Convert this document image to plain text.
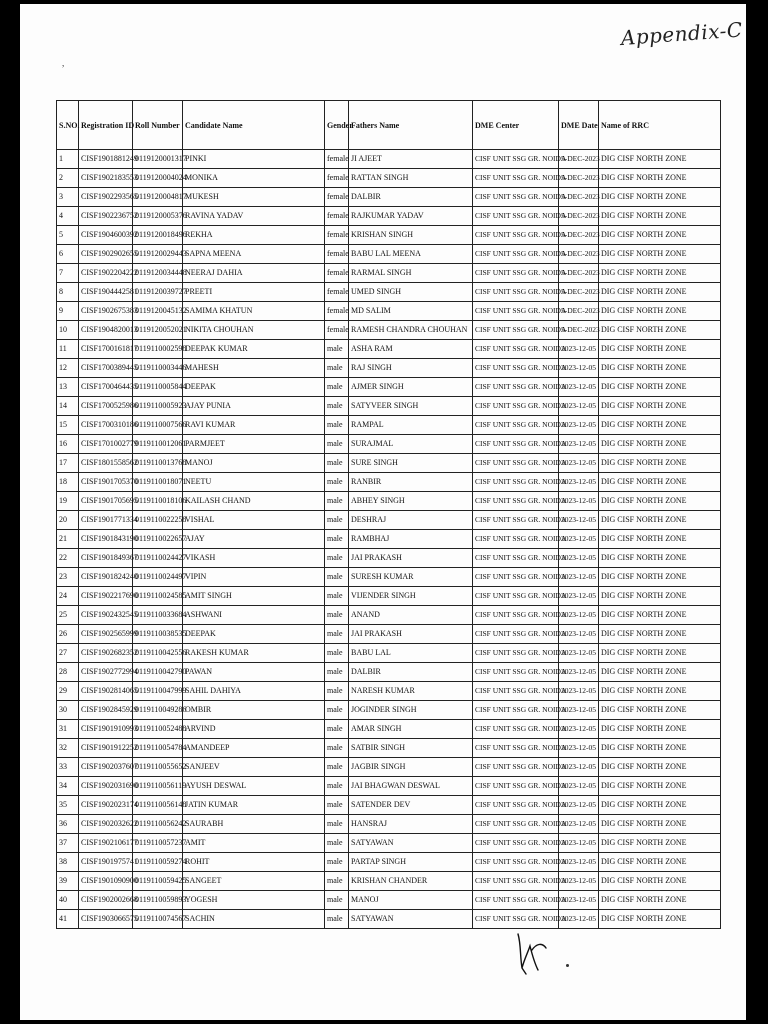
Appendix-C
,
S.NO.	Registration ID	Roll Number	Candidate Name	Gender	Fathers Name	DME Center	DME Date	Name of RRC
1	CISF1901881249	0119120001317	PINKI	female	JI AJEET	CISF UNIT SSG GR. NOIDA	5-DEC-2023	DIG CISF NORTH ZONE
2	CISF1902183553	0119120004024	MONIKA	female	RATTAN SINGH	CISF UNIT SSG GR. NOIDA	5-DEC-2023	DIG CISF NORTH ZONE
3	CISF1902293565	0119120004817	MUKESH	female	DALBIR	CISF UNIT SSG GR. NOIDA	5-DEC-2023	DIG CISF NORTH ZONE
4	CISF1902236752	0119120005376	RAVINA YADAV	female	RAJKUMAR YADAV	CISF UNIT SSG GR. NOIDA	5-DEC-2023	DIG CISF NORTH ZONE
5	CISF1904600392	0119120018496	REKHA	female	KRISHAN SINGH	CISF UNIT SSG GR. NOIDA	5-DEC-2023	DIG CISF NORTH ZONE
6	CISF1902902655	0119120029443	SAPNA MEENA	female	BABU LAL MEENA	CISF UNIT SSG GR. NOIDA	5-DEC-2023	DIG CISF NORTH ZONE
7	CISF1902204222	0119120034448	NEERAJ DAHIA	female	RARMAL SINGH	CISF UNIT SSG GR. NOIDA	5-DEC-2023	DIG CISF NORTH ZONE
8	CISF1904442581	0119120039727	PREETI	female	UMED SINGH	CISF UNIT SSG GR. NOIDA	5-DEC-2023	DIG CISF NORTH ZONE
9	CISF1902675383	0119120045132	SAMIMA KHATUN	female	MD SALIM	CISF UNIT SSG GR. NOIDA	5-DEC-2023	DIG CISF NORTH ZONE
10	CISF1904820013	0119120052021	NIKITA CHOUHAN	female	RAMESH CHANDRA CHOUHAN	CISF UNIT SSG GR. NOIDA	5-DEC-2023	DIG CISF NORTH ZONE
11	CISF1700161817	0119110002598	DEEPAK KUMAR	male	ASHA RAM	CISF UNIT SSG GR. NOIDA	2023-12-05	DIG CISF NORTH ZONE
12	CISF1700389445	0119110003446	MAHESH	male	RAJ SINGH	CISF UNIT SSG GR. NOIDA	2023-12-05	DIG CISF NORTH ZONE
13	CISF1700464435	0119110005844	DEEPAK	male	AJMER SINGH	CISF UNIT SSG GR. NOIDA	2023-12-05	DIG CISF NORTH ZONE
14	CISF1700525986	0119110005923	AJAY PUNIA	male	SATYVEER SINGH	CISF UNIT SSG GR. NOIDA	2023-12-05	DIG CISF NORTH ZONE
15	CISF1700310186	0119110007566	RAVI KUMAR	male	RAMPAL	CISF UNIT SSG GR. NOIDA	2023-12-05	DIG CISF NORTH ZONE
16	CISF1701002779	0119110012061	PARMJEET	male	SURAJMAL	CISF UNIT SSG GR. NOIDA	2023-12-05	DIG CISF NORTH ZONE
17	CISF1801558562	0119110013768	MANOJ	male	SURE SINGH	CISF UNIT SSG GR. NOIDA	2023-12-05	DIG CISF NORTH ZONE
18	CISF1901705370	0119110018071	NEETU	male	RANBIR	CISF UNIT SSG GR. NOIDA	2023-12-05	DIG CISF NORTH ZONE
19	CISF1901705695	0119110018106	KAILASH CHAND	male	ABHEY SINGH	CISF UNIT SSG GR. NOIDA	2023-12-05	DIG CISF NORTH ZONE
20	CISF1901771334	0119110022258	VISHAL	male	DESHRAJ	CISF UNIT SSG GR. NOIDA	2023-12-05	DIG CISF NORTH ZONE
21	CISF1901843190	0119110022657	AJAY	male	RAMBHAJ	CISF UNIT SSG GR. NOIDA	2023-12-05	DIG CISF NORTH ZONE
22	CISF1901849367	0119110024427	VIKASH	male	JAI PRAKASH	CISF UNIT SSG GR. NOIDA	2023-12-05	DIG CISF NORTH ZONE
23	CISF1901824240	0119110024497	VIPIN	male	SURESH KUMAR	CISF UNIT SSG GR. NOIDA	2023-12-05	DIG CISF NORTH ZONE
24	CISF1902217690	0119110024585	AMIT SINGH	male	VIJENDER SINGH	CISF UNIT SSG GR. NOIDA	2023-12-05	DIG CISF NORTH ZONE
25	CISF1902432545	0119110033684	ASHWANI	male	ANAND	CISF UNIT SSG GR. NOIDA	2023-12-05	DIG CISF NORTH ZONE
26	CISF1902565999	0119110038535	DEEPAK	male	JAI PRAKASH	CISF UNIT SSG GR. NOIDA	2023-12-05	DIG CISF NORTH ZONE
27	CISF1902682352	0119110042556	RAKESH KUMAR	male	BABU LAL	CISF UNIT SSG GR. NOIDA	2023-12-05	DIG CISF NORTH ZONE
28	CISF1902772994	0119110042790	PAWAN	male	DALBIR	CISF UNIT SSG GR. NOIDA	2023-12-05	DIG CISF NORTH ZONE
29	CISF1902814065	0119110047999	SAHIL DAHIYA	male	NARESH KUMAR	CISF UNIT SSG GR. NOIDA	2023-12-05	DIG CISF NORTH ZONE
30	CISF1902845929	0119110049286	OMBIR	male	JOGINDER SINGH	CISF UNIT SSG GR. NOIDA	2023-12-05	DIG CISF NORTH ZONE
31	CISF1901910993	0119110052488	ARVIND	male	AMAR SINGH	CISF UNIT SSG GR. NOIDA	2023-12-05	DIG CISF NORTH ZONE
32	CISF1901912252	0119110054784	AMANDEEP	male	SATBIR SINGH	CISF UNIT SSG GR. NOIDA	2023-12-05	DIG CISF NORTH ZONE
33	CISF1902037607	0119110055652	SANJEEV	male	JAGBIR SINGH	CISF UNIT SSG GR. NOIDA	2023-12-05	DIG CISF NORTH ZONE
34	CISF1902031690	0119110056119	AYUSH DESWAL	male	JAI BHAGWAN DESWAL	CISF UNIT SSG GR. NOIDA	2023-12-05	DIG CISF NORTH ZONE
35	CISF1902023174	0119110056148	JATIN KUMAR	male	SATENDER DEV	CISF UNIT SSG GR. NOIDA	2023-12-05	DIG CISF NORTH ZONE
36	CISF1902032622	0119110056242	SAURABH	male	HANSRAJ	CISF UNIT SSG GR. NOIDA	2023-12-05	DIG CISF NORTH ZONE
37	CISF1902106177	0119110057237	AMIT	male	SATYAWAN	CISF UNIT SSG GR. NOIDA	2023-12-05	DIG CISF NORTH ZONE
38	CISF1901975741	0119110059274	ROHIT	male	PARTAP SINGH	CISF UNIT SSG GR. NOIDA	2023-12-05	DIG CISF NORTH ZONE
39	CISF1901090900	0119110059425	SANGEET	male	KRISHAN CHANDER	CISF UNIT SSG GR. NOIDA	2023-12-05	DIG CISF NORTH ZONE
40	CISF1902002668	0119110059893	YOGESH	male	MANOJ	CISF UNIT SSG GR. NOIDA	2023-12-05	DIG CISF NORTH ZONE
41	CISF1903066575	0119110074567	SACHIN	male	SATYAWAN	CISF UNIT SSG GR. NOIDA	2023-12-05	DIG CISF NORTH ZONE
